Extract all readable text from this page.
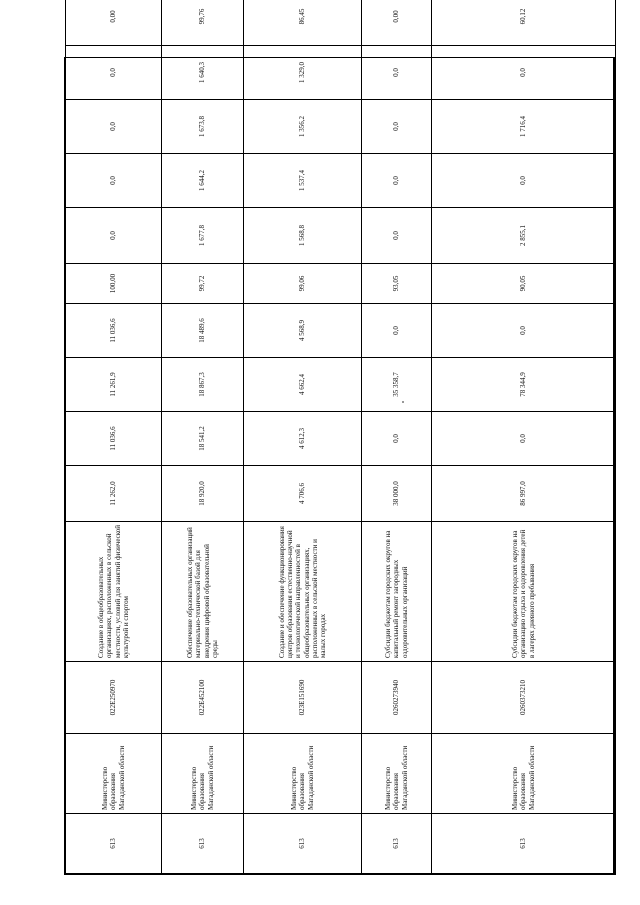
613	Министерство образования Магаданской области	022Е250970	Создание в общеобразовательных организациях, расположенных в сельской местности, условий для занятий физической культурой и спортом	11 262,0	11 036,6	11 261,9	11 036,6	100,00	0,0	0,0	0,0	0,0	0,00
613	Министерство образования Магаданской области	022Е452100	Обеспечение образовательных организаций материально-технической базой для внедрения цифровой образовательной среды	18 920,0	18 541,2	18 867,3	18 489,6	99,72	1 677,8	1 644,2	1 673,8	1 640,3	99,76
613	Министерство образования Магаданской области	023Е151690	Создание и обеспечение функционирования центров образования естественно-научной и технологической направленностей в общеобразовательных организациях, расположенных в сельской местности и малых городах	4 706,6	4 612,3	4 662,4	4 568,9	99,06	1 568,8	1 537,4	1 356,2	1 329,0	86,45
613	Министерство образования Магаданской области	0260273940	Субсидии бюджетам городских округов на капитальный ремонт загородных оздоровительных организаций	38 000,0	0,0	35 358,7	0,0	93,05	0,0	0,0	0,0	0,0	0,00
613	Министерство образования Магаданской области	0260373210	Субсидии бюджетам городских округов на организацию отдыха и оздоровления детей в лагерях дневного пребывания	86 997,0	0,0	78 344,9	0,0	90,05	2 855,1	0,0	1 716,4	0,0	60,12
